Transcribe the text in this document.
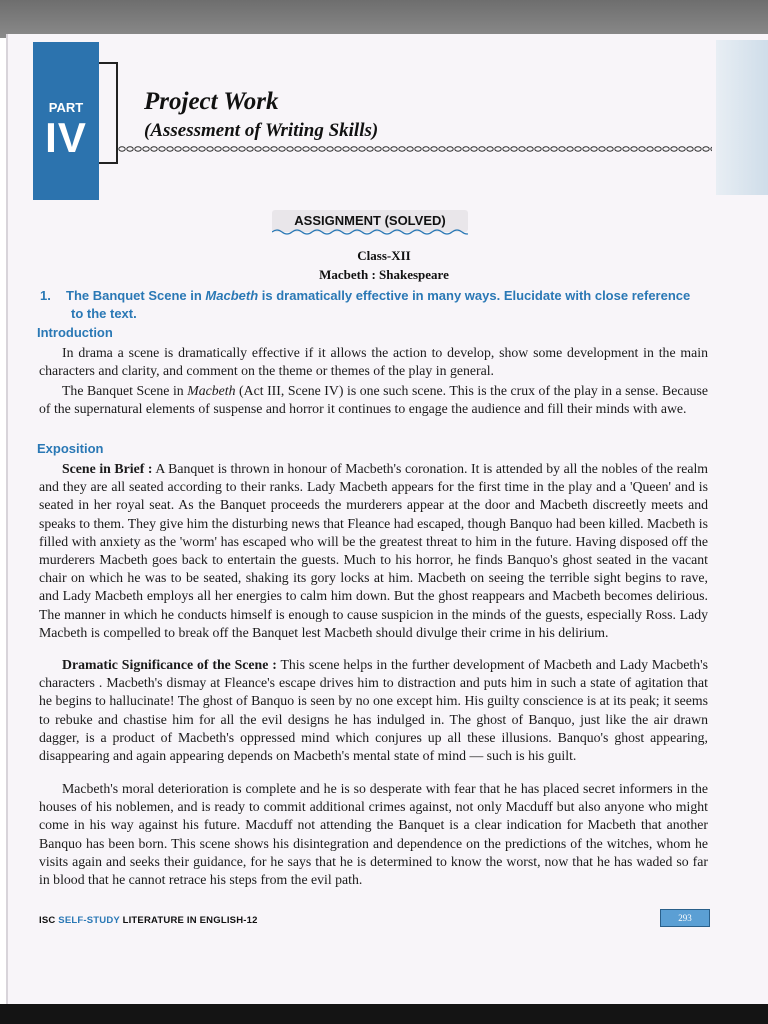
PART
IV
Project Work
(Assessment of Writing Skills)
ASSIGNMENT (SOLVED)
Class-XII
Macbeth : Shakespeare
1. The Banquet Scene in Macbeth is dramatically effective in many ways. Elucidate with close reference
to the text.
Introduction

In drama a scene is dramatically effective if it allows the action to develop, show some development in the main characters and clarity, and comment on the theme or themes of the play in general.

The Banquet Scene in Macbeth (Act III, Scene IV) is one such scene. This is the crux of the play in a sense. Because of the supernatural elements of suspense and horror it continues to engage the audience and fill their minds with awe.

Exposition

Scene in Brief : A Banquet is thrown in honour of Macbeth's coronation. It is attended by all the nobles of the realm and they are all seated according to their ranks. Lady Macbeth appears for the first time in the play and a 'Queen' and is seated in her royal seat. As the Banquet proceeds the murderers appear at the door and Macbeth discreetly meets and speaks to them. They give him the disturbing news that Fleance had escaped, though Banquo had been killed. Macbeth is filled with anxiety as the 'worm' has escaped who will be the greatest threat to him in the future. Having disposed off the murderers Macbeth goes back to entertain the guests. Much to his horror, he finds Banquo's ghost seated in the vacant chair on which he was to be seated, shaking its gory locks at him. Macbeth on seeing the terrible sight begins to rave, and Lady Macbeth employs all her energies to calm him down. But the ghost reappears and Macbeth becomes delirious. The manner in which he conducts himself is enough to cause suspicion in the minds of the guests, especially Ross. Lady Macbeth is compelled to break off the Banquet lest Macbeth should divulge their crime in his delirium.

Dramatic Significance of the Scene : This scene helps in the further development of Macbeth and Lady Macbeth's characters . Macbeth's dismay at Fleance's escape drives him to distraction and puts him in such a state of agitation that he begins to hallucinate! The ghost of Banquo is seen by no one except him. His guilty conscience is at its peak; it seems to rebuke and chastise him for all the evil designs he has indulged in. The ghost of Banquo, just like the air drawn dagger, is a product of Macbeth's oppressed mind which conjures up all these illusions. Banquo's ghost appearing, disappearing and again appearing depends on Macbeth's mental state of mind — such is his guilt.

Macbeth's moral deterioration is complete and he is so desperate with fear that he has placed secret informers in the houses of his noblemen, and is ready to commit additional crimes against, not only Macduff but also anyone who might come in his way against his future. Macduff not attending the Banquet is a clear indication for Macbeth that another Banquo has been born. This scene shows his disintegration and dependence on the predictions of the witches, whom he visits again and seeks their guidance, for he says that he is determined to know the worst, now that he has waded so far in blood that he cannot retrace his steps from the evil path.

ISC SELF-STUDY LITERATURE IN ENGLISH-12	293
